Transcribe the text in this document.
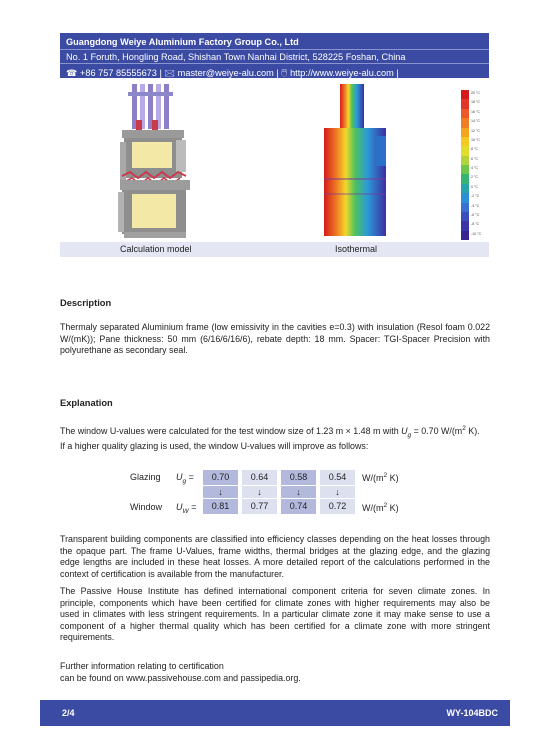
Guangdong Weiye Aluminium Factory Group Co., Ltd
No. 1 Foruth, Hongling Road, Shishan Town Nanhai District, 528225 Foshan, China
☎ +86 757 85555673 | 🖂 master@weiye-alu.com | 🖱 http://www.weiye-alu.com |
20 °C
18 °C
16 °C
14 °C
12 °C
10 °C
8 °C
6 °C
4 °C
2 °C
0 °C
-2 °C
-4 °C
-6 °C
-8 °C
-10 °C
Calculation model	Isothermal
Description
Thermaly separated Aluminium frame (low emissivity in the cavities e=0.3) with insulation (Resol foam 0.022 W/(mK)); Pane thickness: 50 mm (6/16/6/16/6), rebate depth: 18 mm. Spacer: TGI-Spacer Precision with polyurethane as secondary seal.
Explanation
The window U-values were calculated for the test window size of 1.23 m × 1.48 m with $U_g = 0.70$ $W/(m^2$ K).
If a higher quality glazing is used, the window U-values will improve as follows:
Glazing $U_g$ =	0.70	0.64	0.58	0.54	$W/(m^2$ K)
↓	↓	↓	↓
Window $U_W$ =	0.81	0.77	0.74	0.72	$W/(m^2$ K)
Transparent building components are classified into efficiency classes depending on the heat losses through the opaque part. The frame U-Values, frame widths, thermal bridges at the glazing edge, and the glazing edge lengths are included in these heat losses. A more detailed report of the calculations performed in the context of certification is available from the manufacturer.
The Passive House Institute has defined international component criteria for seven climate zones. In principle, components which have been certified for climate zones with higher requirements may also be used in climates with less stringent requirements. In a particular climate zone it may make sense to use a component of a higher thermal quality which has been certified for a climate zone with more stringent requirements.
Further information relating to certification
can be found on www.passivehouse.com and passipedia.org.
2/4	WY-104BDC
